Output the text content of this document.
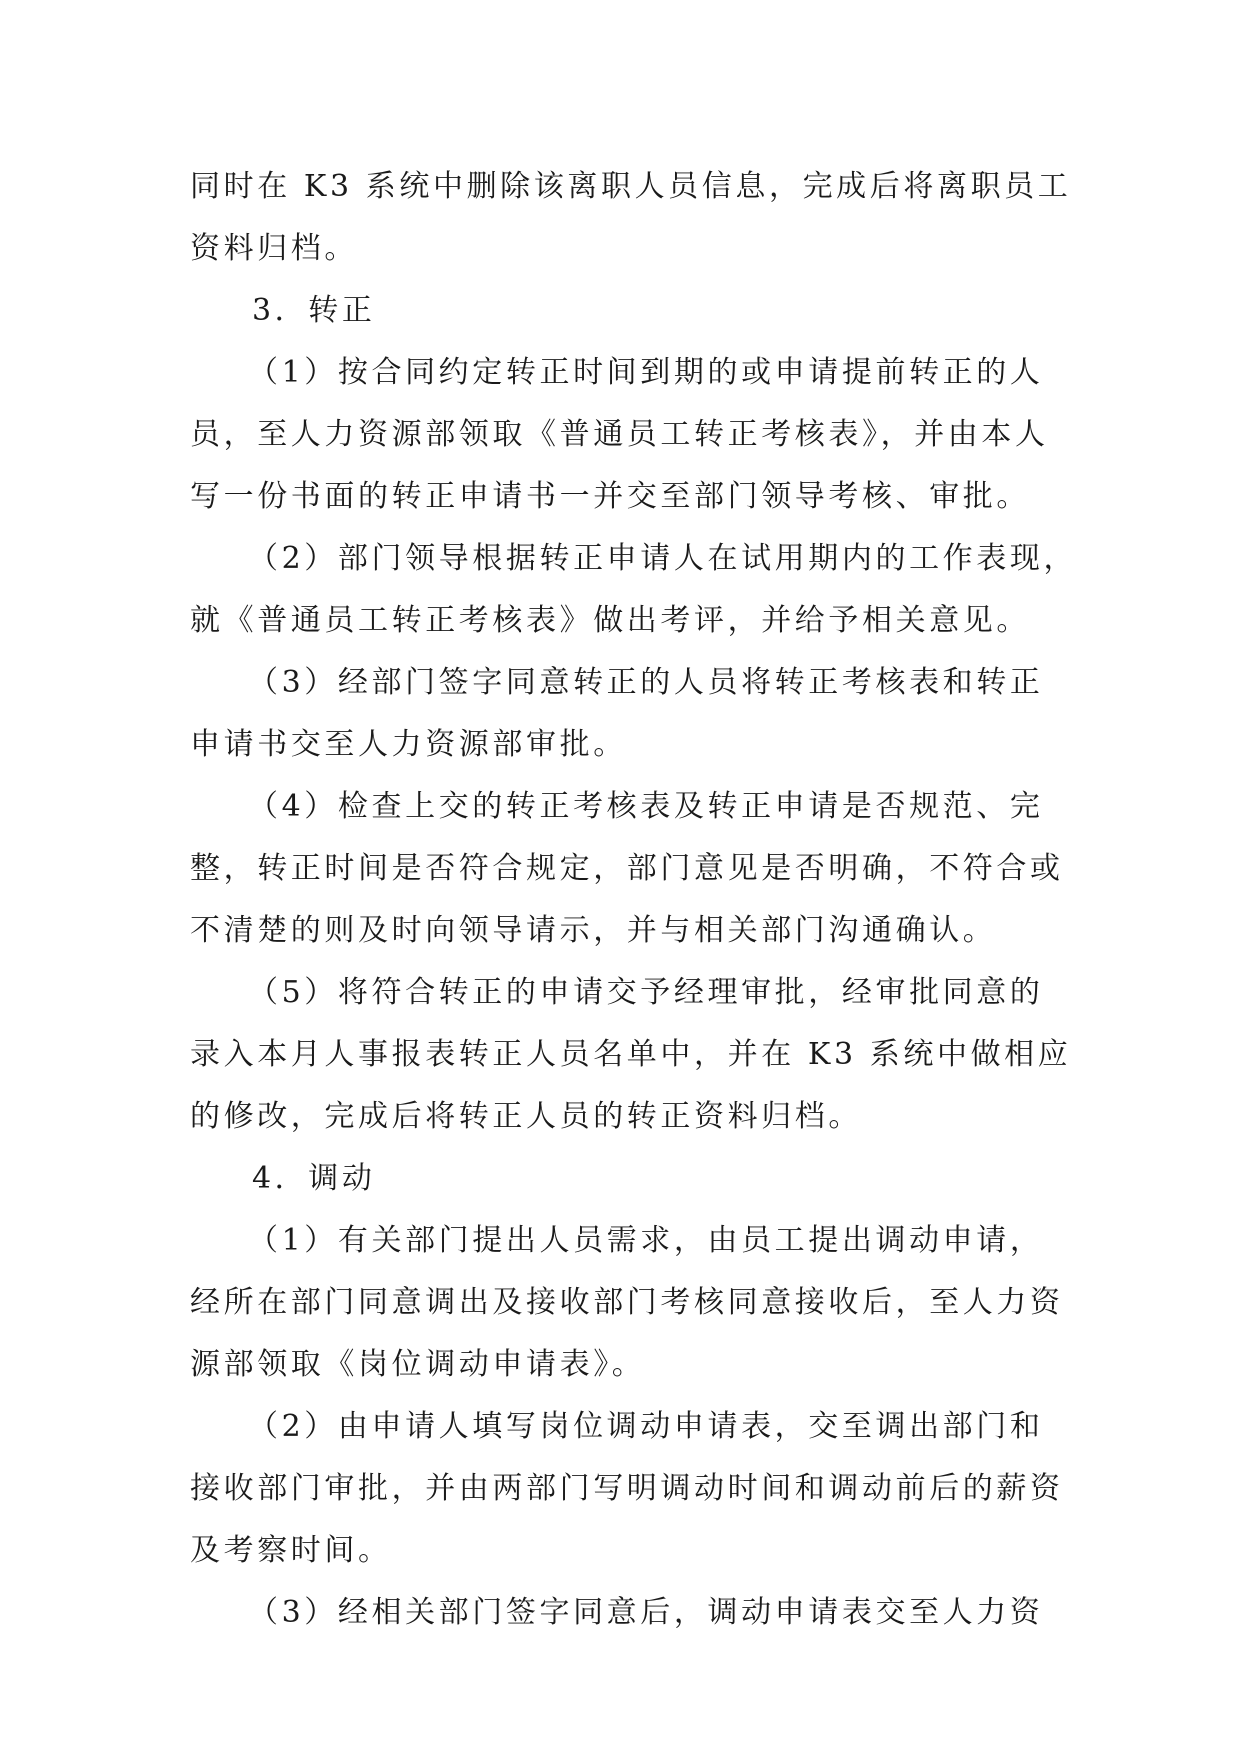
同时在 K3 系统中删除该离职人员信息，完成后将离职员工
资料归档。
3．转正
（1）按合同约定转正时间到期的或申请提前转正的人
员，至人力资源部领取《普通员工转正考核表》，并由本人
写一份书面的转正申请书一并交至部门领导考核、审批。
（2）部门领导根据转正申请人在试用期内的工作表现，
就《普通员工转正考核表》做出考评，并给予相关意见。
（3）经部门签字同意转正的人员将转正考核表和转正
申请书交至人力资源部审批。
（4）检查上交的转正考核表及转正申请是否规范、完
整，转正时间是否符合规定，部门意见是否明确，不符合或
不清楚的则及时向领导请示，并与相关部门沟通确认。
（5）将符合转正的申请交予经理审批，经审批同意的
录入本月人事报表转正人员名单中，并在 K3 系统中做相应
的修改，完成后将转正人员的转正资料归档。
4．调动
（1）有关部门提出人员需求，由员工提出调动申请，
经所在部门同意调出及接收部门考核同意接收后，至人力资
源部领取《岗位调动申请表》。
（2）由申请人填写岗位调动申请表，交至调出部门和
接收部门审批，并由两部门写明调动时间和调动前后的薪资
及考察时间。
（3）经相关部门签字同意后，调动申请表交至人力资
